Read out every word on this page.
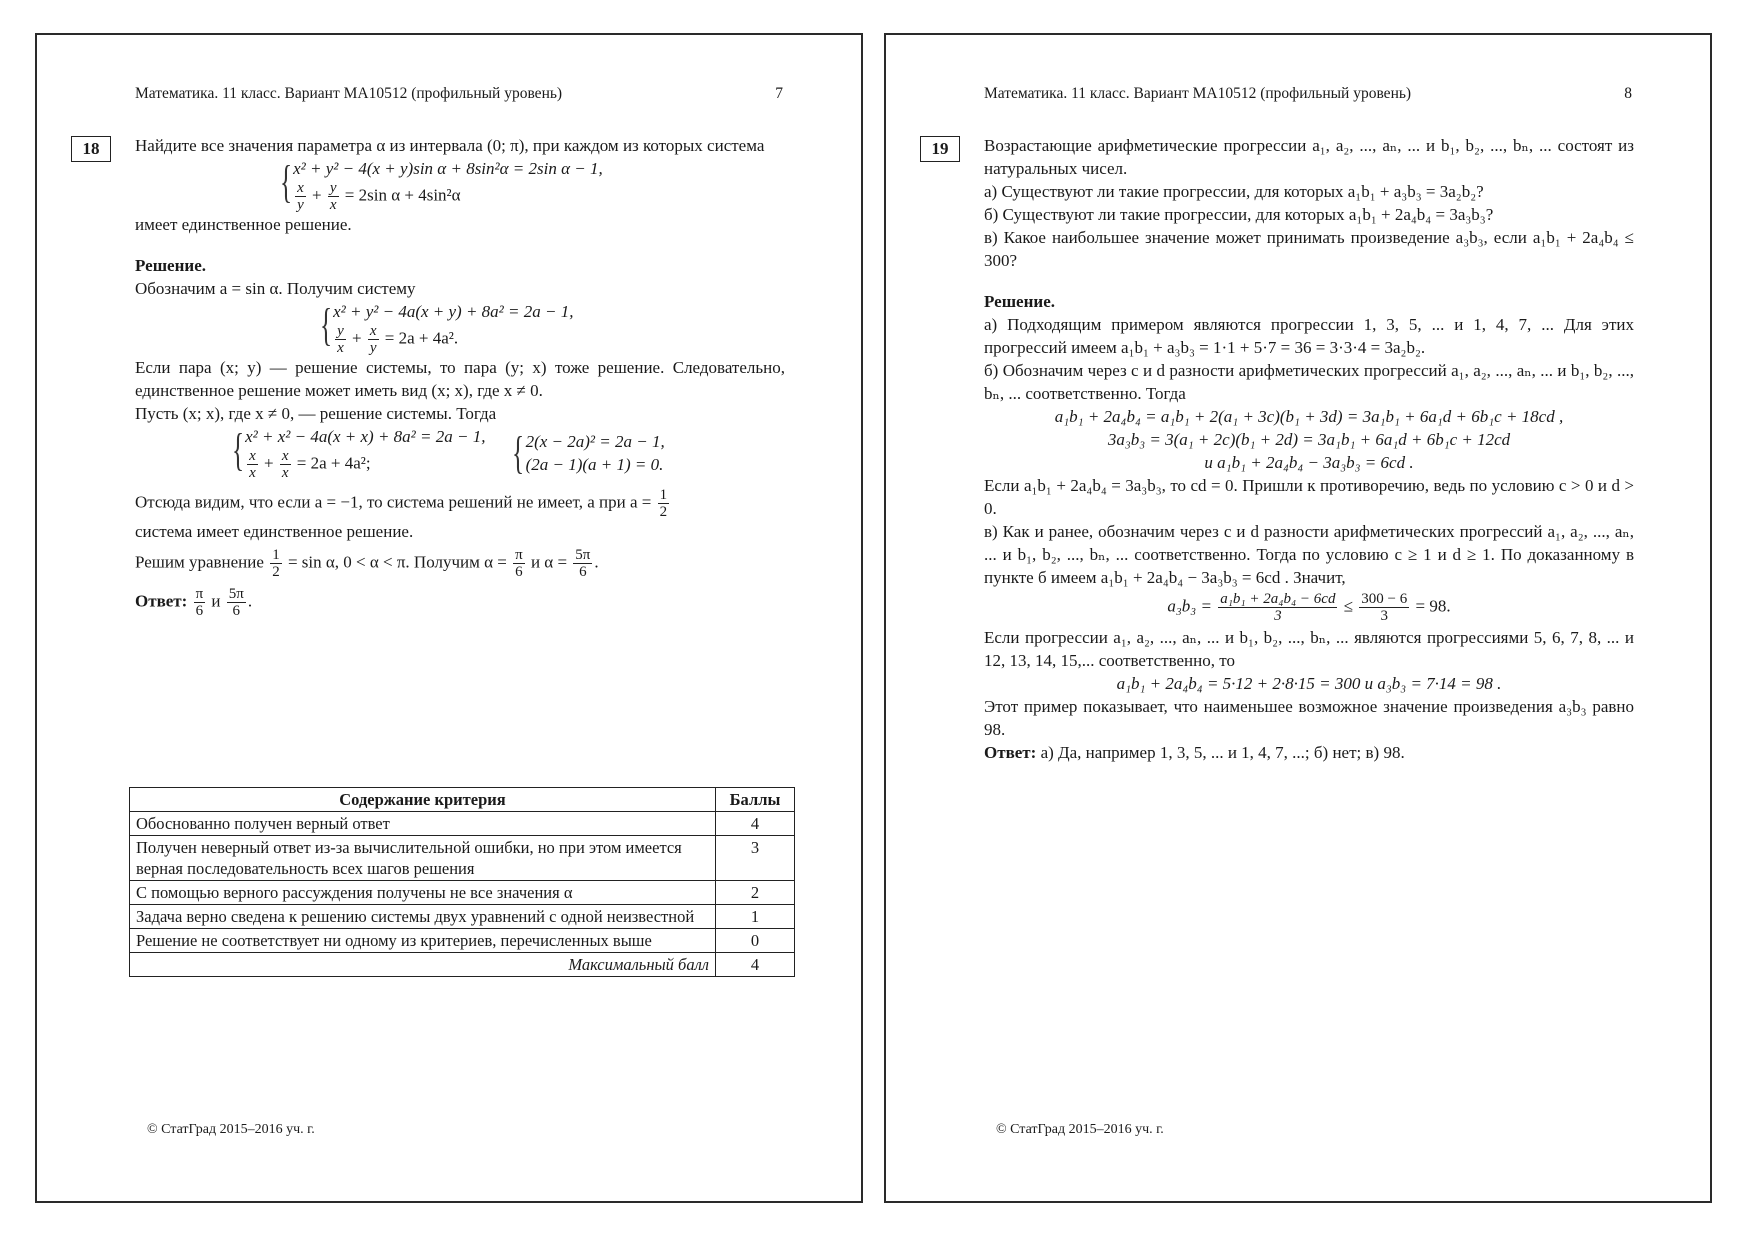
Математика. 11 класс. Вариант МА10512 (профильный уровень)	7
18	Найдите все значения параметра α из интервала (0; π), при каждом из которых система

{ x² + y² − 4(x + y)sin α + 8sin²α = 2sin α − 1,
$\frac{x}{y} + \frac{y}{x} = 2\sin$ α + 4sin²α

имеет единственное решение.

Решение.

Обозначим a = sin α. Получим систему

{ x² + y² − 4a(x + y) + 8a² = 2a − 1,
$\frac{y}{x} + \frac{x}{y} = 2a + 4a^2$.

Если пара (x; y) — решение системы, то пара (y; x) тоже решение. Следовательно, единственное решение может иметь вид (x; x), где x ≠ 0.

Пусть (x; x), где x ≠ 0, — решение системы. Тогда

{ x² + x² − 4a(x + x) + 8a² = 2a − 1,
$\frac{x}{x} + \frac{x}{x} = 2a + 4a^2$;	{ 2(x − 2a)² = 2a − 1,
(2a − 1)(a + 1) = 0.

Отсюда видим, что если a = −1, то система решений не имеет, а при $a = \frac{1}{2}$

система имеет единственное решение.

Решим уравнение $\frac{1}{2} = \sin \alpha$, 0 < α < π. Получим $\alpha = \frac{\pi}{6}$ и $\alpha = \frac{5\pi}{6}$ .

Ответ: $\frac{\pi}{6}$ и $\frac{5\pi}{6}$ .

Содержание критерия	Баллы
Обоснованно получен верный ответ	4
Получен неверный ответ из-за вычислительной ошибки, но при этом имеется верная последовательность всех шагов решения	3
С помощью верного рассуждения получены не все значения α	2
Задача верно сведена к решению системы двух уравнений с одной неизвестной	1
Решение не соответствует ни одному из критериев, перечисленных выше	0
Максимальный балл	4
© СтатГрад 2015–2016 уч. г.
Математика. 11 класс. Вариант МА10512 (профильный уровень)	8
19	Возрастающие арифметические прогрессии a₁, a₂, ..., aₙ, ... и b₁, b₂, ..., bₙ, ... состоят из натуральных чисел.

а) Существуют ли такие прогрессии, для которых a₁b₁ + a₃b₃ = 3a₂b₂?

б) Существуют ли такие прогрессии, для которых a₁b₁ + 2a₄b₄ = 3a₃b₃?

в) Какое наибольшее значение может принимать произведение a₃b₃, если a₁b₁ + 2a₄b₄ ≤ 300?

Решение.

а) Подходящим примером являются прогрессии 1, 3, 5, ... и 1, 4, 7, ... Для этих прогрессий имеем a₁b₁ + a₃b₃ = 1·1 + 5·7 = 36 = 3·3·4 = 3a₂b₂.

б) Обозначим через c и d разности арифметических прогрессий a₁, a₂, ..., aₙ, ... и b₁, b₂, ..., bₙ, ... соответственно. Тогда

a₁b₁ + 2a₄b₄ = a₁b₁ + 2(a₁ + 3c)(b₁ + 3d) = 3a₁b₁ + 6a₁d + 6b₁c + 18cd ,

3a₃b₃ = 3(a₁ + 2c)(b₁ + 2d) = 3a₁b₁ + 6a₁d + 6b₁c + 12cd

и a₁b₁ + 2a₄b₄ − 3a₃b₃ = 6cd .

Если a₁b₁ + 2a₄b₄ = 3a₃b₃, то cd = 0. Пришли к противоречию, ведь по условию c > 0 и d > 0.

в) Как и ранее, обозначим через c и d разности арифметических прогрессий a₁, a₂, ..., aₙ, ... и b₁, b₂, ..., bₙ, ... соответственно. Тогда по условию c ≥ 1 и d ≥ 1. По доказанному в пункте б имеем a₁b₁ + 2a₄b₄ − 3a₃b₃ = 6cd . Значит,

$a_3b_3 = \frac{\text{a₁b₁ + 2a₄b₄ − 6cd}}{3} \le \frac{300 - 6}{3} = 98$.

Если прогрессии a₁, a₂, ..., aₙ, ... и b₁, b₂, ..., bₙ, ... являются прогрессиями 5, 6, 7, 8, ... и 12, 13, 14, 15,... соответственно, то

a₁b₁ + 2a₄b₄ = 5·12 + 2·8·15 = 300 и a₃b₃ = 7·14 = 98 .

Этот пример показывает, что наименьшее возможное значение произведения a₃b₃ равно 98.

Ответ: а) Да, например 1, 3, 5, ... и 1, 4, 7, ...; б) нет; в) 98.

© СтатГрад 2015–2016 уч. г.
